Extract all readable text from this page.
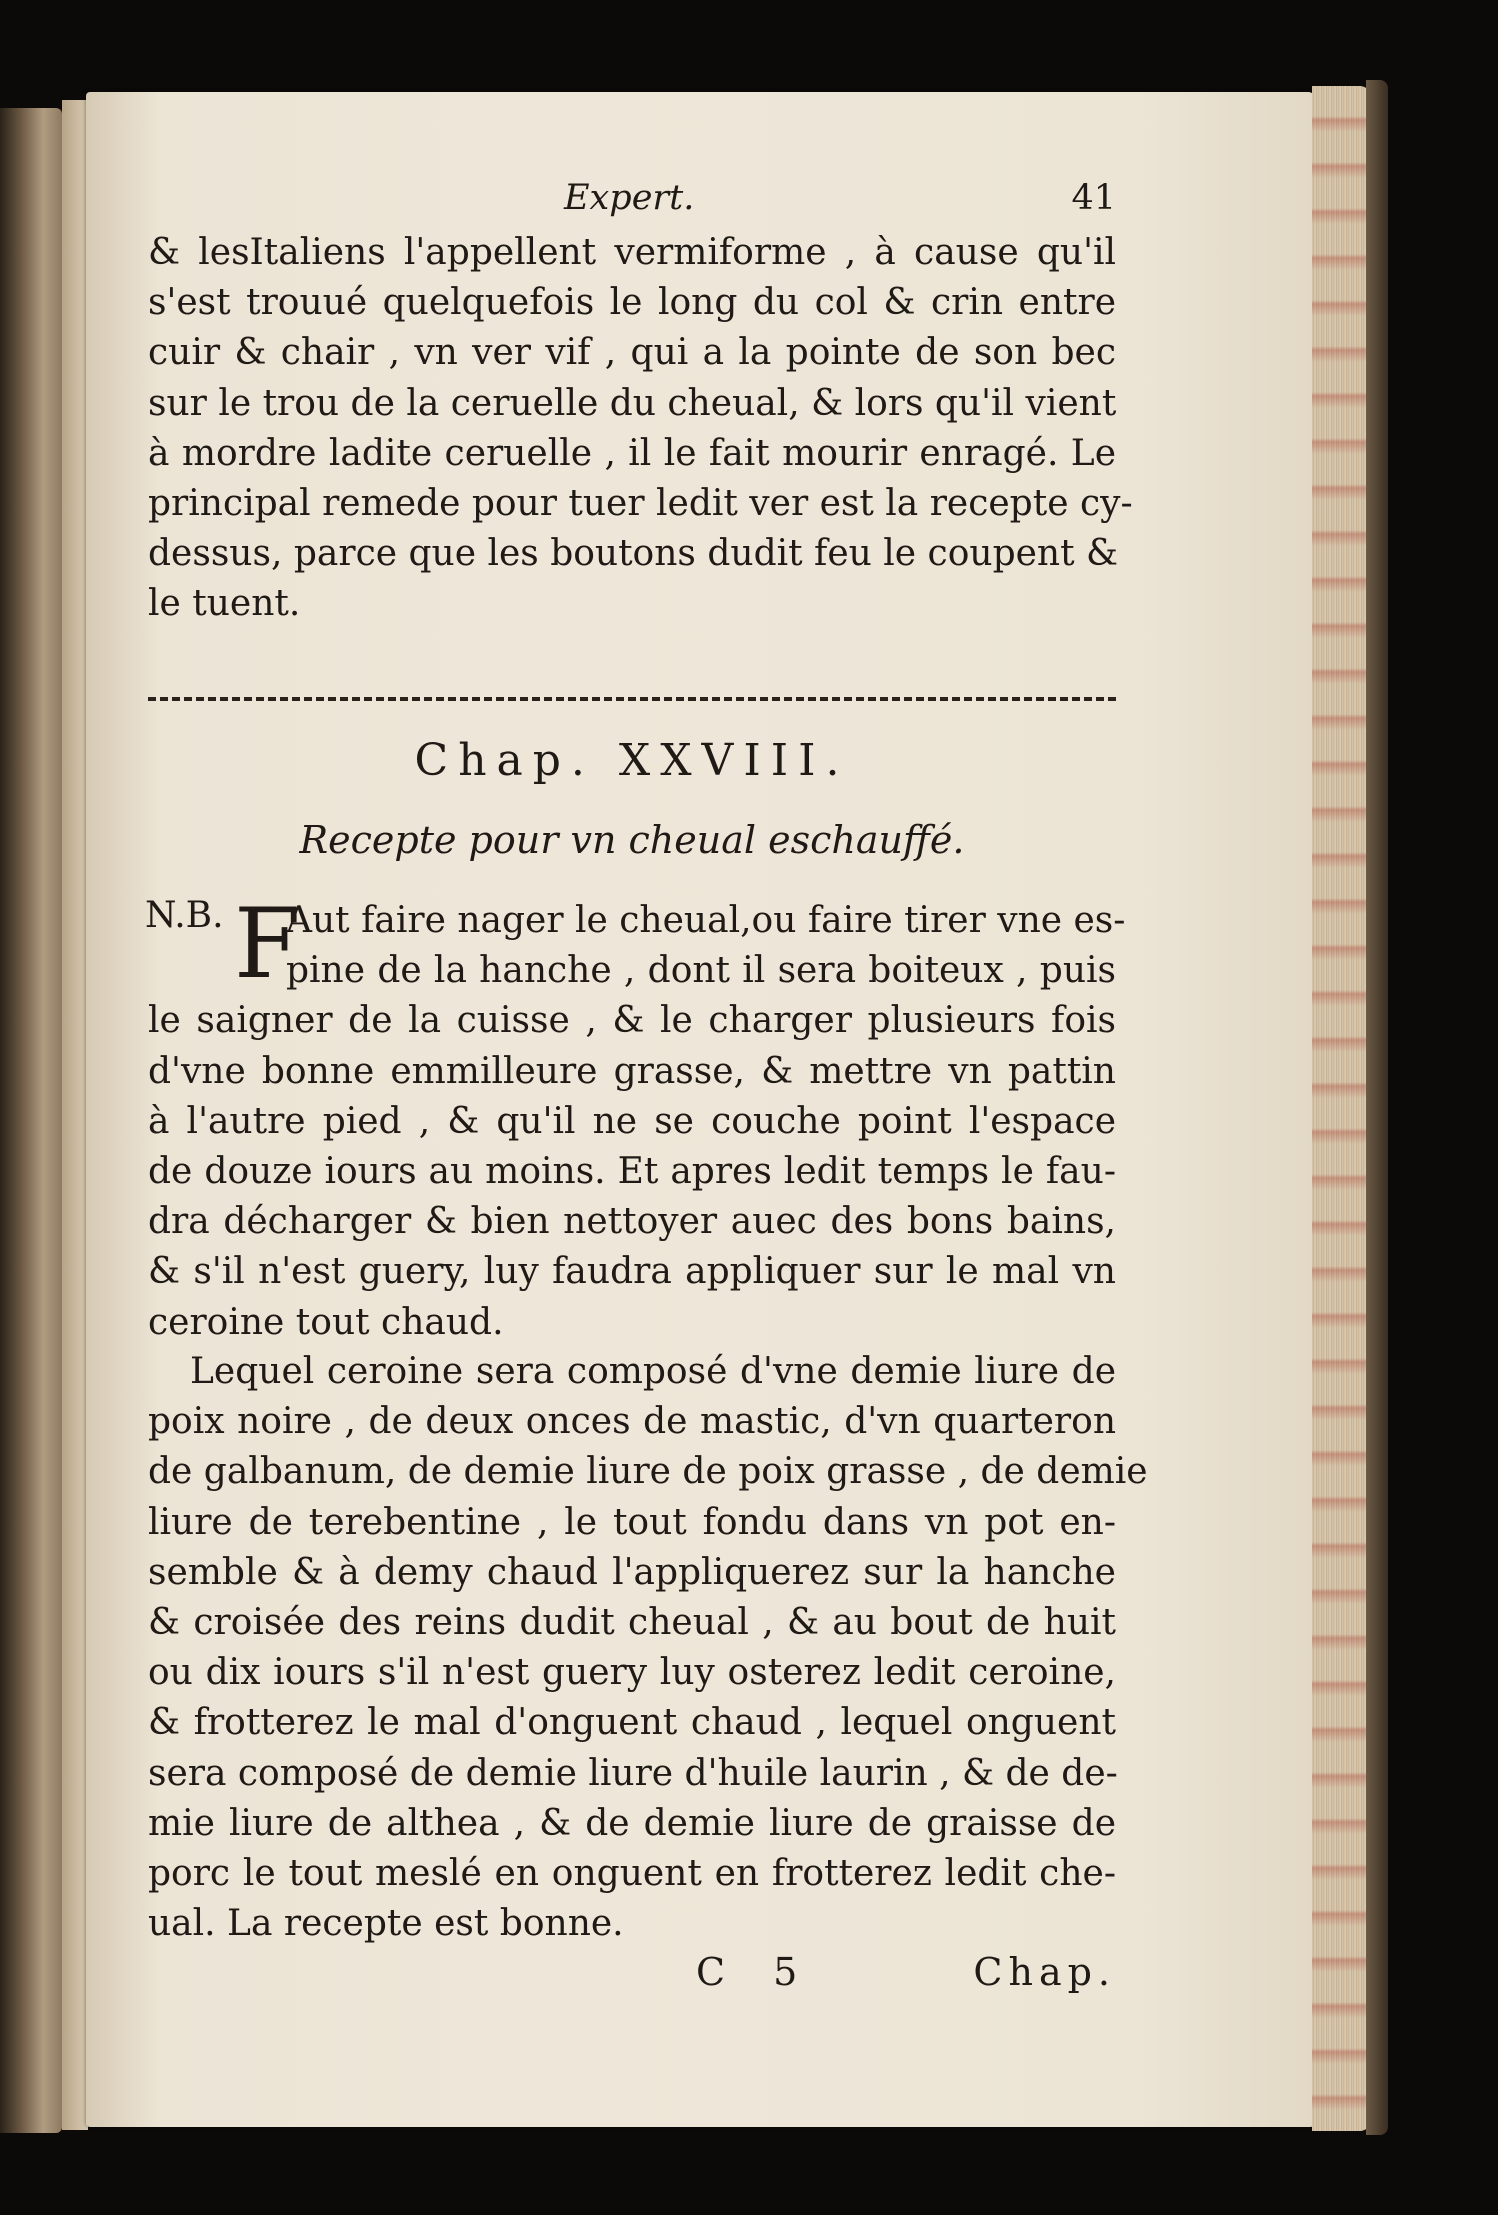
Expert.	41
& lesItaliens l'appellent vermiforme , à cause qu'il
s'est trouué quelquefois le long du col & crin entre
cuir & chair , vn ver vif , qui a la pointe de son bec
sur le trou de la ceruelle du cheual, & lors qu'il vient
à mordre ladite ceruelle , il le fait mourir enragé. Le
principal remede pour tuer ledit ver est la recepte cy-
dessus, parce que les boutons dudit feu le coupent &
le tuent.
Chap. XXVIII.
Recepte pour vn cheual eschauffé.
N.B. F
Aut faire nager le cheual,ou faire tirer vne es-
pine de la hanche , dont il sera boiteux , puis
le saigner de la cuisse , & le charger plusieurs fois
d'vne bonne emmilleure grasse, & mettre vn pattin
à l'autre pied , & qu'il ne se couche point l'espace
de douze iours au moins. Et apres ledit temps le fau-
dra décharger & bien nettoyer auec des bons bains,
& s'il n'est guery, luy faudra appliquer sur le mal vn
ceroine tout chaud.
Lequel ceroine sera composé d'vne demie liure de
poix noire , de deux onces de mastic, d'vn quarteron
de galbanum, de demie liure de poix grasse , de demie
liure de terebentine , le tout fondu dans vn pot en-
semble & à demy chaud l'appliquerez sur la hanche
& croisée des reins dudit cheual , & au bout de huit
ou dix iours s'il n'est guery luy osterez ledit ceroine,
& frotterez le mal d'onguent chaud , lequel onguent
sera composé de demie liure d'huile laurin , & de de-
mie liure de althea , & de demie liure de graisse de
porc le tout meslé en onguent en frotterez ledit che-
ual. La recepte est bonne.
C 5	Chap.
